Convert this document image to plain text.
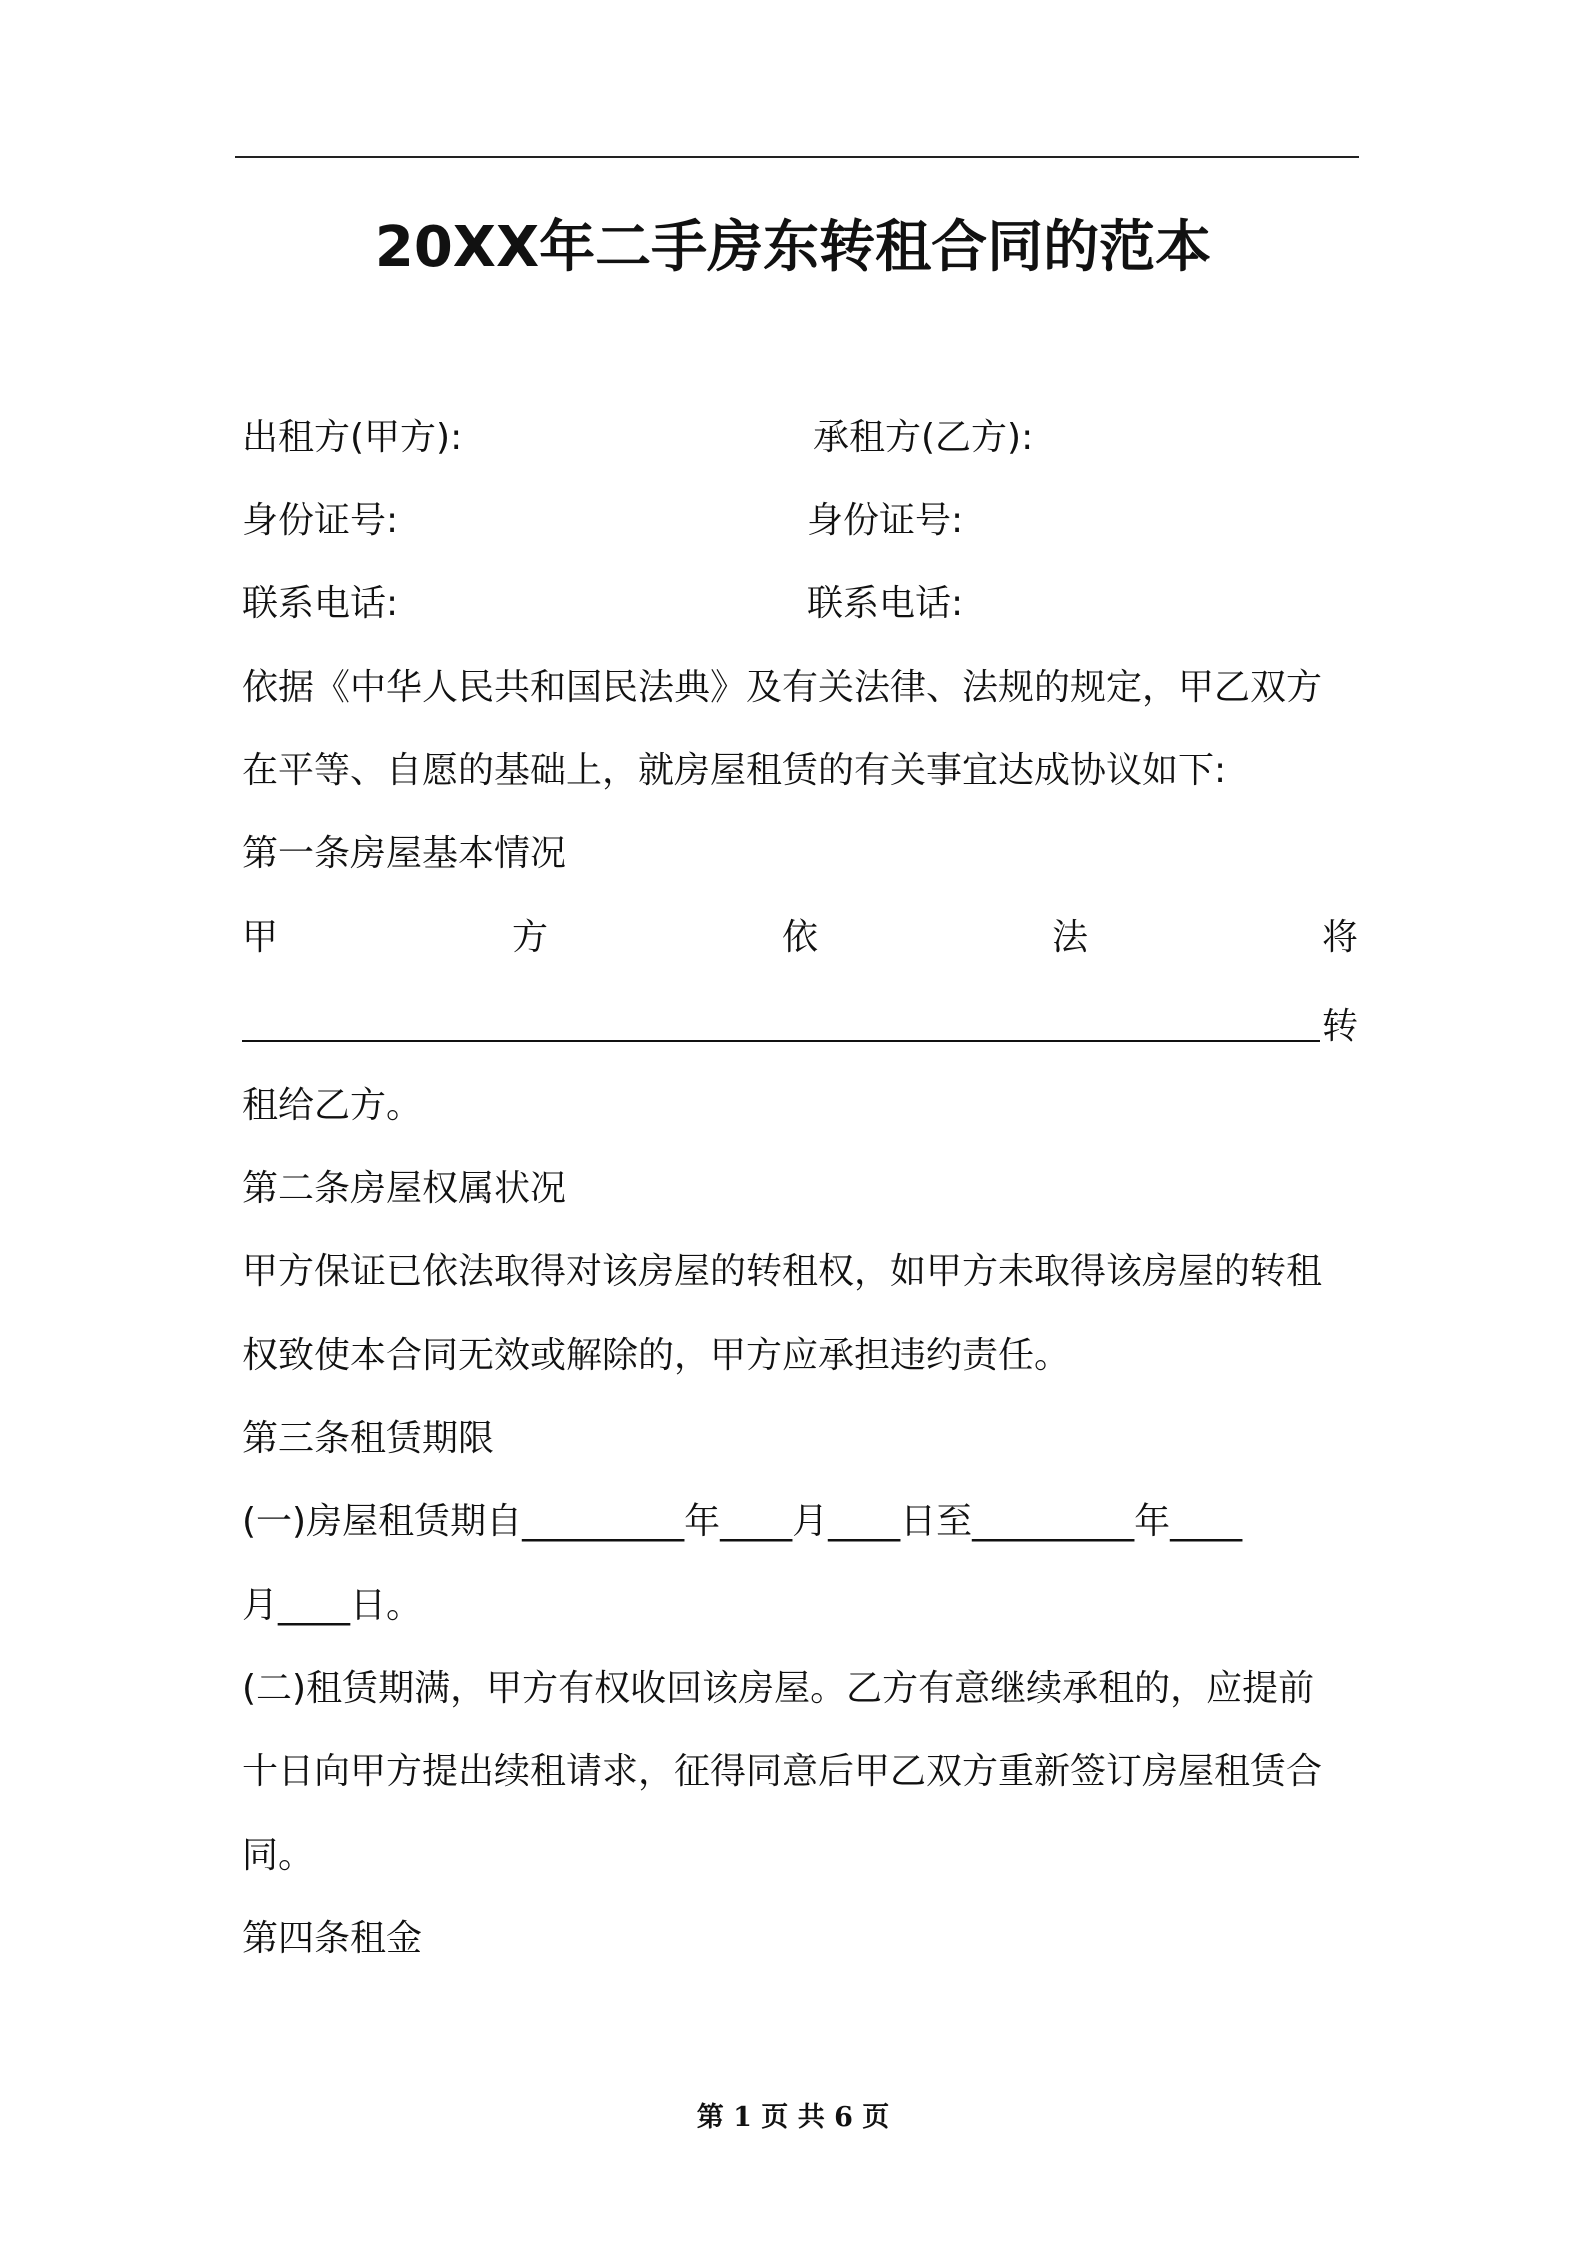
20XX年二手房东转租合同的范本
出租方(甲方):	承租方(乙方):
身份证号:	身份证号:
联系电话:	联系电话:
依据《中华人民共和国民法典》及有关法律、法规的规定，甲乙双方
在平等、自愿的基础上，就房屋租赁的有关事宜达成协议如下:
第一条房屋基本情况
甲	方	依	法	将
转
租给乙方。
第二条房屋权属状况
甲方保证已依法取得对该房屋的转租权，如甲方未取得该房屋的转租
权致使本合同无效或解除的，甲方应承担违约责任。
第三条租赁期限
(一)房屋租赁期自_________年____月____日至_________年____
月____日。
(二)租赁期满，甲方有权收回该房屋。乙方有意继续承租的，应提前
十日向甲方提出续租请求，征得同意后甲乙双方重新签订房屋租赁合
同。
第四条租金
第 1 页 共 6 页
